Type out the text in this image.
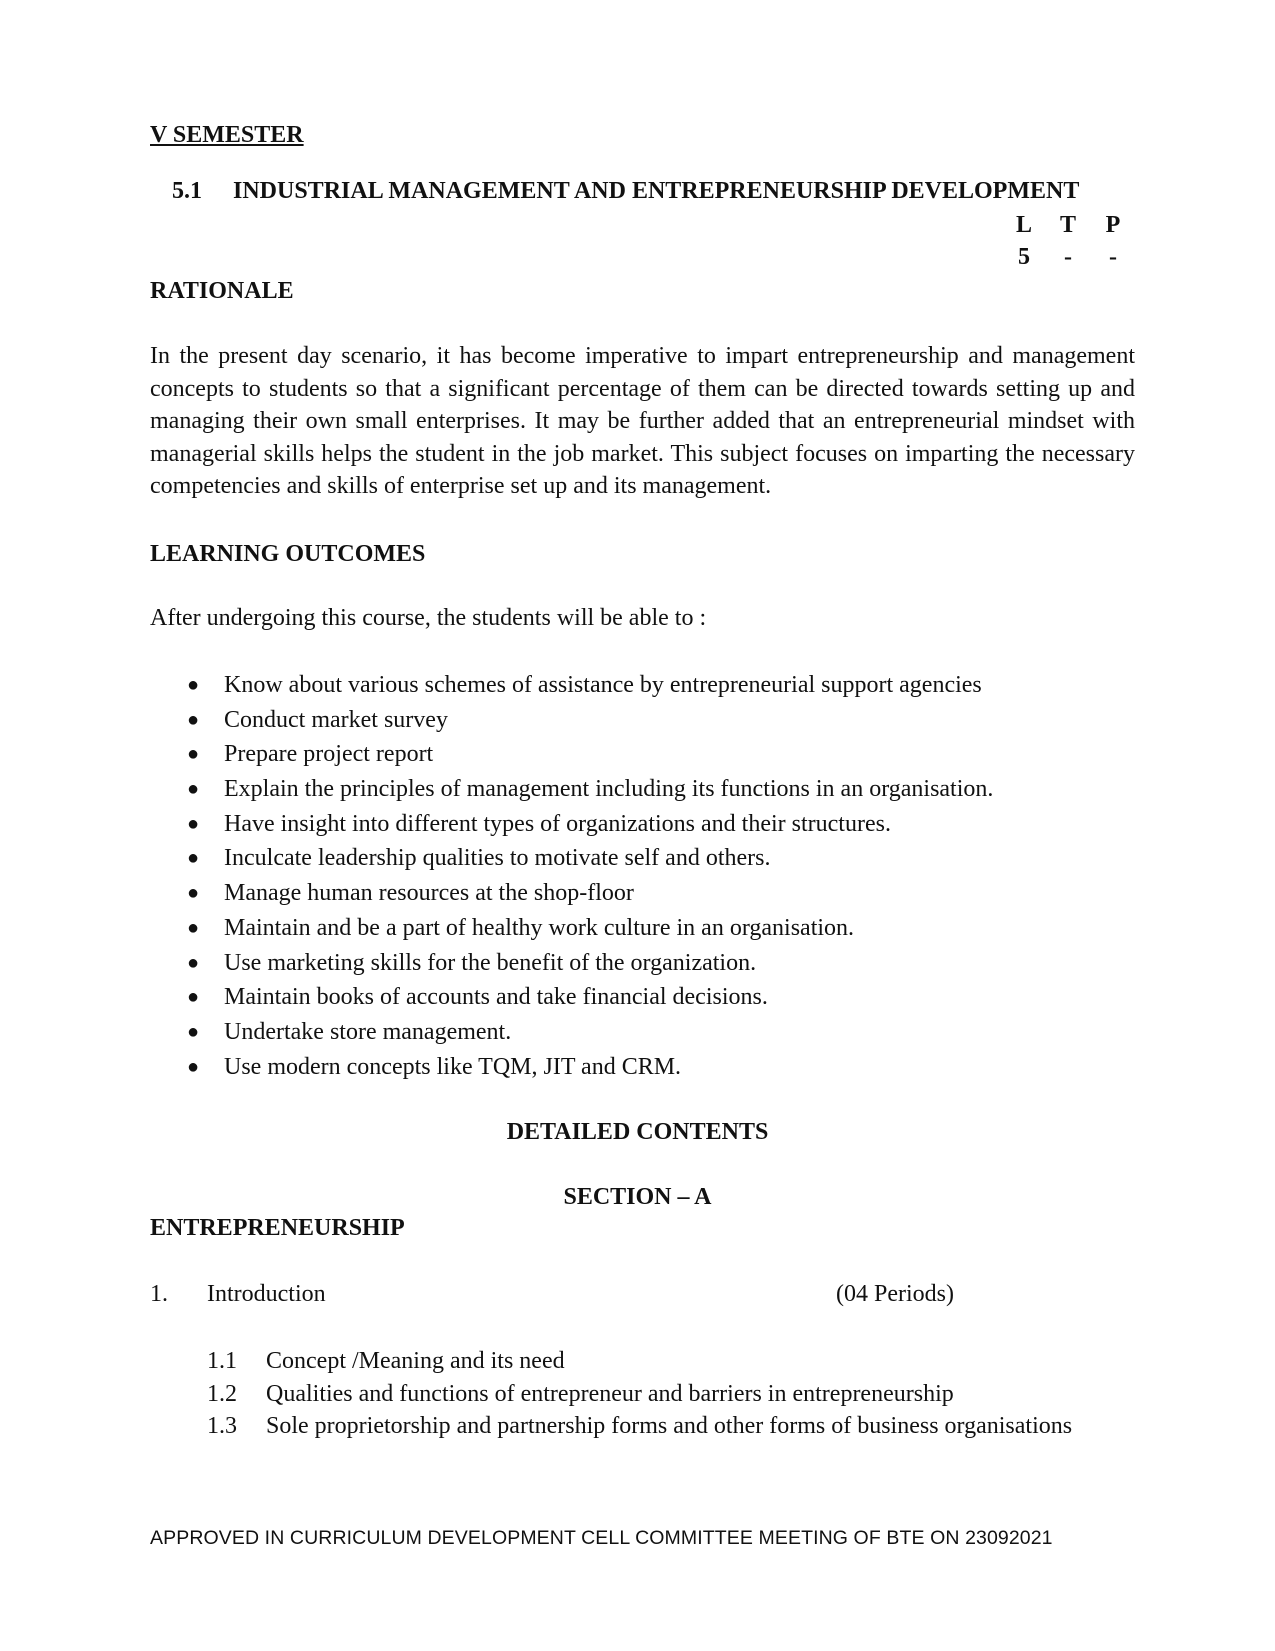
V SEMESTER

5.1 INDUSTRIAL MANAGEMENT AND ENTREPRENEURSHIP DEVELOPMENT

L T	P

5	-	-

RATIONALE

In the present day scenario, it has become imperative to impart entrepreneurship and management concepts to students so that a significant percentage of them can be directed towards setting up and managing their own small enterprises. It may be further added that an entrepreneurial mindset with managerial skills helps the student in the job market. This subject focuses on imparting the necessary competencies and skills of enterprise set up and its management.

LEARNING OUTCOMES

After undergoing this course, the students will be able to :

● Know about various schemes of assistance by entrepreneurial support agencies
● Conduct market survey
● Prepare project report
● Explain the principles of management including its functions in an organisation.
● Have insight into different types of organizations and their structures.
● Inculcate leadership qualities to motivate self and others.
● Manage human resources at the shop-floor
● Maintain and be a part of healthy work culture in an organisation.
● Use marketing skills for the benefit of the organization.
● Maintain books of accounts and take financial decisions.
● Undertake store management.
● Use modern concepts like TQM, JIT and CRM.

DETAILED CONTENTS

SECTION – A

ENTREPRENEURSHIP

1. Introduction	(04 Periods)

1.1 Concept /Meaning and its need
1.2 Qualities and functions of entrepreneur and barriers in entrepreneurship
1.3 Sole proprietorship and partnership forms and other forms of business organisations

APPROVED IN CURRICULUM DEVELOPMENT CELL COMMITTEE MEETING OF BTE ON 23092021
